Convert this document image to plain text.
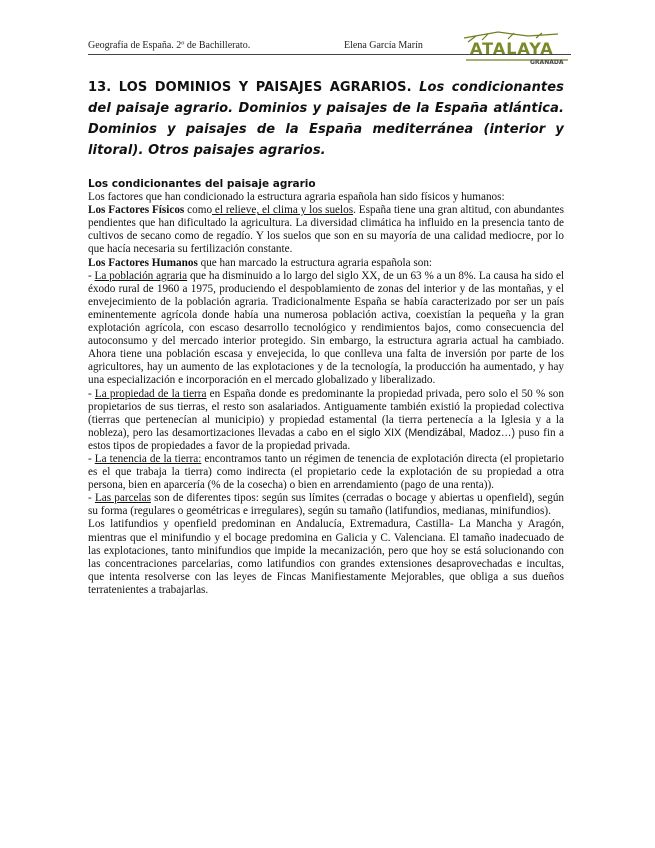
Geografía de España. 2º de Bachillerato.	Elena García Marín	ATALAYA
GRANADA
13. LOS DOMINIOS Y PAISAJES AGRARIOS. Los condicionantes del paisaje agrario. Dominios y paisajes de la España atlántica. Dominios y paisajes de la España mediterránea (interior y litoral). Otros paisajes agrarios.

Los condicionantes del paisaje agrario

Los factores que han condicionado la estructura agraria española han sido físicos y humanos:

Los Factores Físicos como el relieve, el clima y los suelos. España tiene una gran altitud, con abundantes pendientes que han dificultado la agricultura. La diversidad climática ha influido en la presencia tanto de cultivos de secano como de regadío. Y los suelos que son en su mayoría de una calidad mediocre, por lo que hacía necesaria su fertilización constante.

Los Factores Humanos que han marcado la estructura agraria española son:

- La población agraria que ha disminuido a lo largo del siglo XX, de un 63 % a un 8%. La causa ha sido el éxodo rural de 1960 a 1975, produciendo el despoblamiento de zonas del interior y de las montañas, y el envejecimiento de la población agraria. Tradicionalmente España se había caracterizado por ser un país eminentemente agrícola donde había una numerosa población activa, coexistían la pequeña y la gran explotación agrícola, con escaso desarrollo tecnológico y rendimientos bajos, como consecuencia del autoconsumo y del mercado interior protegido. Sin embargo, la estructura agraria actual ha cambiado. Ahora tiene una población escasa y envejecida, lo que conlleva una falta de inversión por parte de los agricultores, hay un aumento de las explotaciones y de la tecnología, la producción ha aumentado, y hay una especialización e incorporación en el mercado globalizado y liberalizado.

- La propiedad de la tierra en España donde es predominante la propiedad privada, pero solo el 50 % son propietarios de sus tierras, el resto son asalariados. Antiguamente también existió la propiedad colectiva (tierras que pertenecían al municipio) y propiedad estamental (la tierra pertenecía a la Iglesia y a la nobleza), pero las desamortizaciones llevadas a cabo en el siglo XIX (Mendizábal, Madoz…) puso fin a estos tipos de propiedades a favor de la propiedad privada.

- La tenencia de la tierra: encontramos tanto un régimen de tenencia de explotación directa (el propietario es el que trabaja la tierra) como indirecta (el propietario cede la explotación de su propiedad a otra persona, bien en aparcería (% de la cosecha) o bien en arrendamiento (pago de una renta)).

- Las parcelas son de diferentes tipos: según sus límites (cerradas o bocage y abiertas u openfield), según su forma (regulares o geométricas e irregulares), según su tamaño (latifundios, medianas, minifundios).

Los latifundios y openfield predominan en Andalucía, Extremadura, Castilla- La Mancha y Aragón, mientras que el minifundio y el bocage predomina en Galicia y C. Valenciana. El tamaño inadecuado de las explotaciones, tanto minifundios que impide la mecanización, pero que hoy se está solucionando con las concentraciones parcelarias, como latifundios con grandes extensiones desaprovechadas e incultas, que intenta resolverse con las leyes de Fincas Manifiestamente Mejorables, que obliga a sus dueños terratenientes a trabajarlas.
